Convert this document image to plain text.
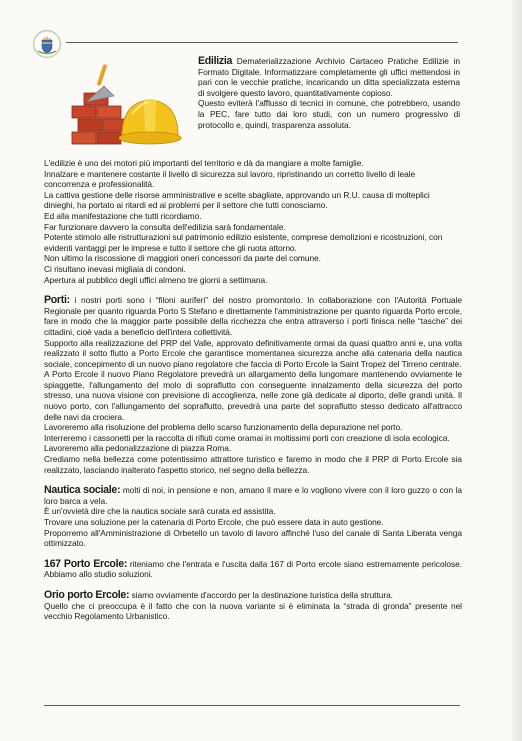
Edilizia Dematerializzazione Archivio Cartaceo Pratiche Edilizie in Formato Digitale. Informatizzare completamente gli uffici mettendosi in pari con le vecchie pratiche, incaricando un ditta specializzata esterna di svolgere questo lavoro, quantitativamente copioso.

Questo eviterà l'afflusso di tecnici in comune, che potrebbero, usando la PEC, fare tutto dai loro studi, con un numero progressivo di protocollo e, quindi, trasparenza assoluta.

L'edilizie è uno dei motori più importanti del territorio e dà da mangiare a molte famiglie.

Innalzare e mantenere costante il livello di sicurezza sul lavoro, ripristinando un corretto livello di leale concorrenza e professionalità.

La cattiva gestione delle risorse amministrative e scelte sbagliate, approvando un R.U. causa di molteplici dinieghi, ha portato ai ritardi ed ai problemi per il settore che tutti conosciamo.

Ed alla manifestazione che tutti ricordiamo.

Far funzionare davvero la consulta dell'edilizia sarà fondamentale.

Potente stimolo alle ristrutturazioni sul patrimonio edilizio esistente, comprese demolizioni e ricostruzioni, con evidenti vantaggi per le imprese e tutto il settore che gli ruota attorno.

Non ultimo la riscossione di maggiori oneri concessori da parte del comune.

Ci risultano inevasi migliaia di condoni.

Apertura al pubblico degli uffici almeno tre giorni a settimana.

Porti: i nostri porti sono i “filoni auriferi” del nostro promontorio. In collaborazione con l'Autorità Portuale Regionale per quanto riguarda Porto S Stefano e direttamente l'amministrazione per quanto riguarda Porto ercole, fare in modo che la maggior parte possibile della ricchezza che entra attraverso i porti finisca nelle “tasche” dei cittadini, cioè vada a beneficio dell'intera collettività.

Supporto alla realizzazione del PRP del Valle, approvato definitivamente ormai da quasi quattro anni e, una volta realizzato il sotto flutto a Porto Ercole che garantisce momentanea sicurezza anche alla catenaria della nautica sociale, concepimento di un nuovo piano regolatore che faccia di Porto Ercole la Saint Tropez del Tirreno centrale.

A Porto Ercole il nuovo Piano Regolatore prevedrà un allargamento della lungomare mantenendo ovviamente le spiaggette, l'allungamento del molo di sopraflutto con conseguente innalzamento della sicurezza del porto stresso, una nuova visione con previsione di accoglienza, nelle zone già dedicate al diporto, delle grandi unità. Il nuovo porto, con l'allungamento del sopraflutto, prevedrà una parte del sopraflutto stesso dedicato all'attracco delle navi da crociera.

Lavoreremo alla risoluzione del problema dello scarso funzionamento della depurazione nel porto.

Interreremo i cassonetti per la raccolta di rifiuti come oramai in moltissimi porti con creazione di isola ecologica.

Lavoreremo alla pedonalizzazione di piazza Roma.

Crediamo nella bellezza come potentissimo attrattore turistico e faremo in modo che il PRP di Porto Ercole sia realizzato, lasciando inalterato l'aspetto storico, nel segno della bellezza.

Nautica sociale: molti di noi, in pensione e non, amano il mare e lo vogliono vivere con il loro guzzo o con la loro barca a vela.

È un'ovvietà dire che la nautica sociale sarà curata ed assistita.

Trovare una soluzione per la catenaria di Porto Ercole, che può essere data in auto gestione.

Proporremo all'Amministrazione di Orbetello un tavolo di lavoro affinché l'uso del canale di Santa Liberata venga ottimizzato.

167 Porto Ercole: riteniamo che l'entrata e l'uscita dalla 167 di Porto ercole siano estremamente pericolose. Abbiamo allo studio soluzioni.

Orio porto Ercole: siamo ovviamente d'accordo per la destinazione turistica della struttura.

Quello che ci preoccupa è il fatto che con la nuova variante si è eliminata la “strada di gronda” presente nel vecchio Regolamento Urbanistico.
